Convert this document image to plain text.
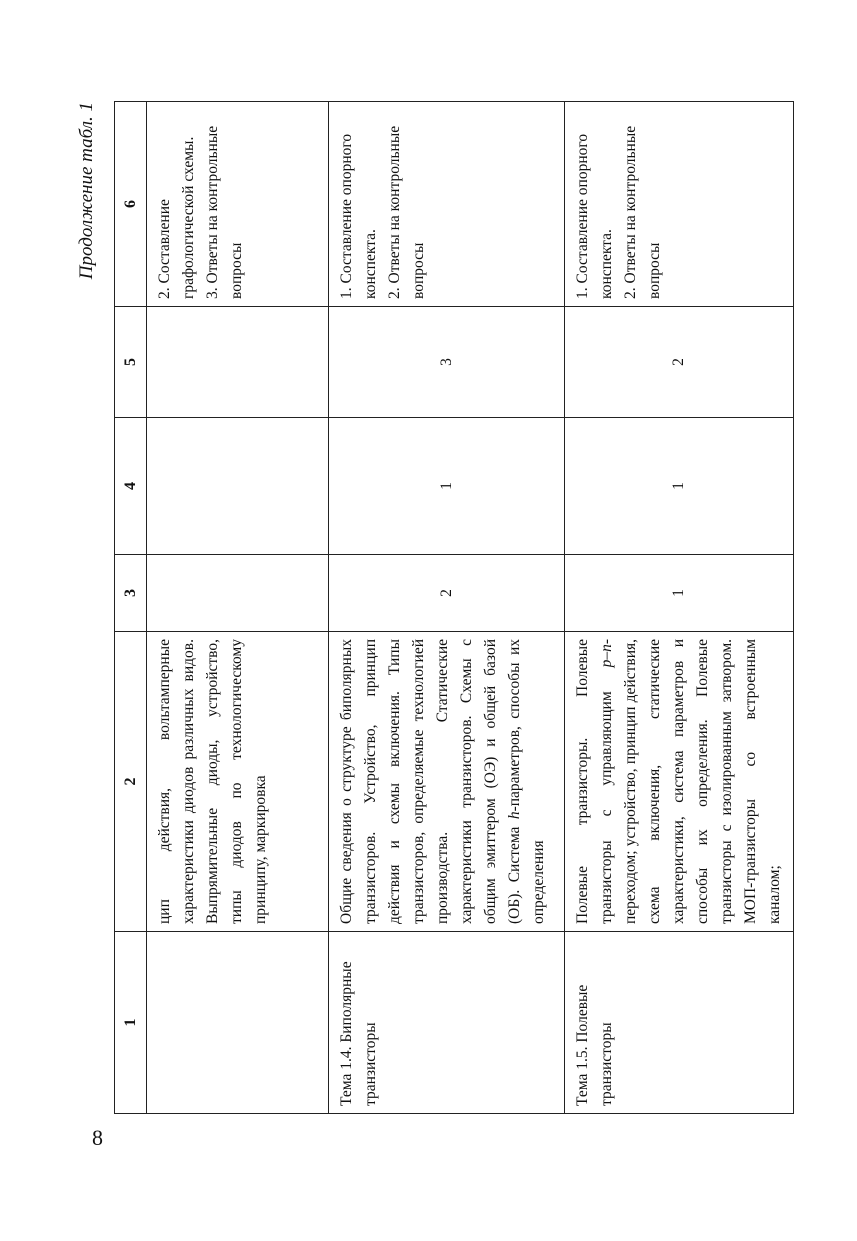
8
Продолжение табл. 1
1	2	3	4	5	6
	цип действия, вольтамперные характеристики диодов различных видов. Выпрямительные диоды, устройство, типы диодов по технологическому принципу, маркировка				2. Составление графологической схемы.
3. Ответы на контрольные вопросы
Тема 1.4. Биполярные транзисторы	Общие сведения о структуре биполярных транзисторов. Устройство, принцип действия и схемы включения. Типы транзисторов, определяемые технологией производства. Статические характеристики транзисторов. Схемы с общим эмиттером (ОЭ) и общей базой (ОБ). Система h-параметров, способы их определения	2	1	3	1. Составление опорного конспекта.
2. Ответы на контрольные вопросы
Тема 1.5. Полевые транзисторы	Полевые транзисторы. Полевые транзисторы с управляющим p–n-переходом; устройство, принцип действия, схема включения, статические характеристики, система параметров и способы их определения. Полевые транзисторы с изолированным затвором. МОП-транзисторы со встроенным каналом;	1	1	2	1. Составление опорного конспекта.
2. Ответы на контрольные вопросы
